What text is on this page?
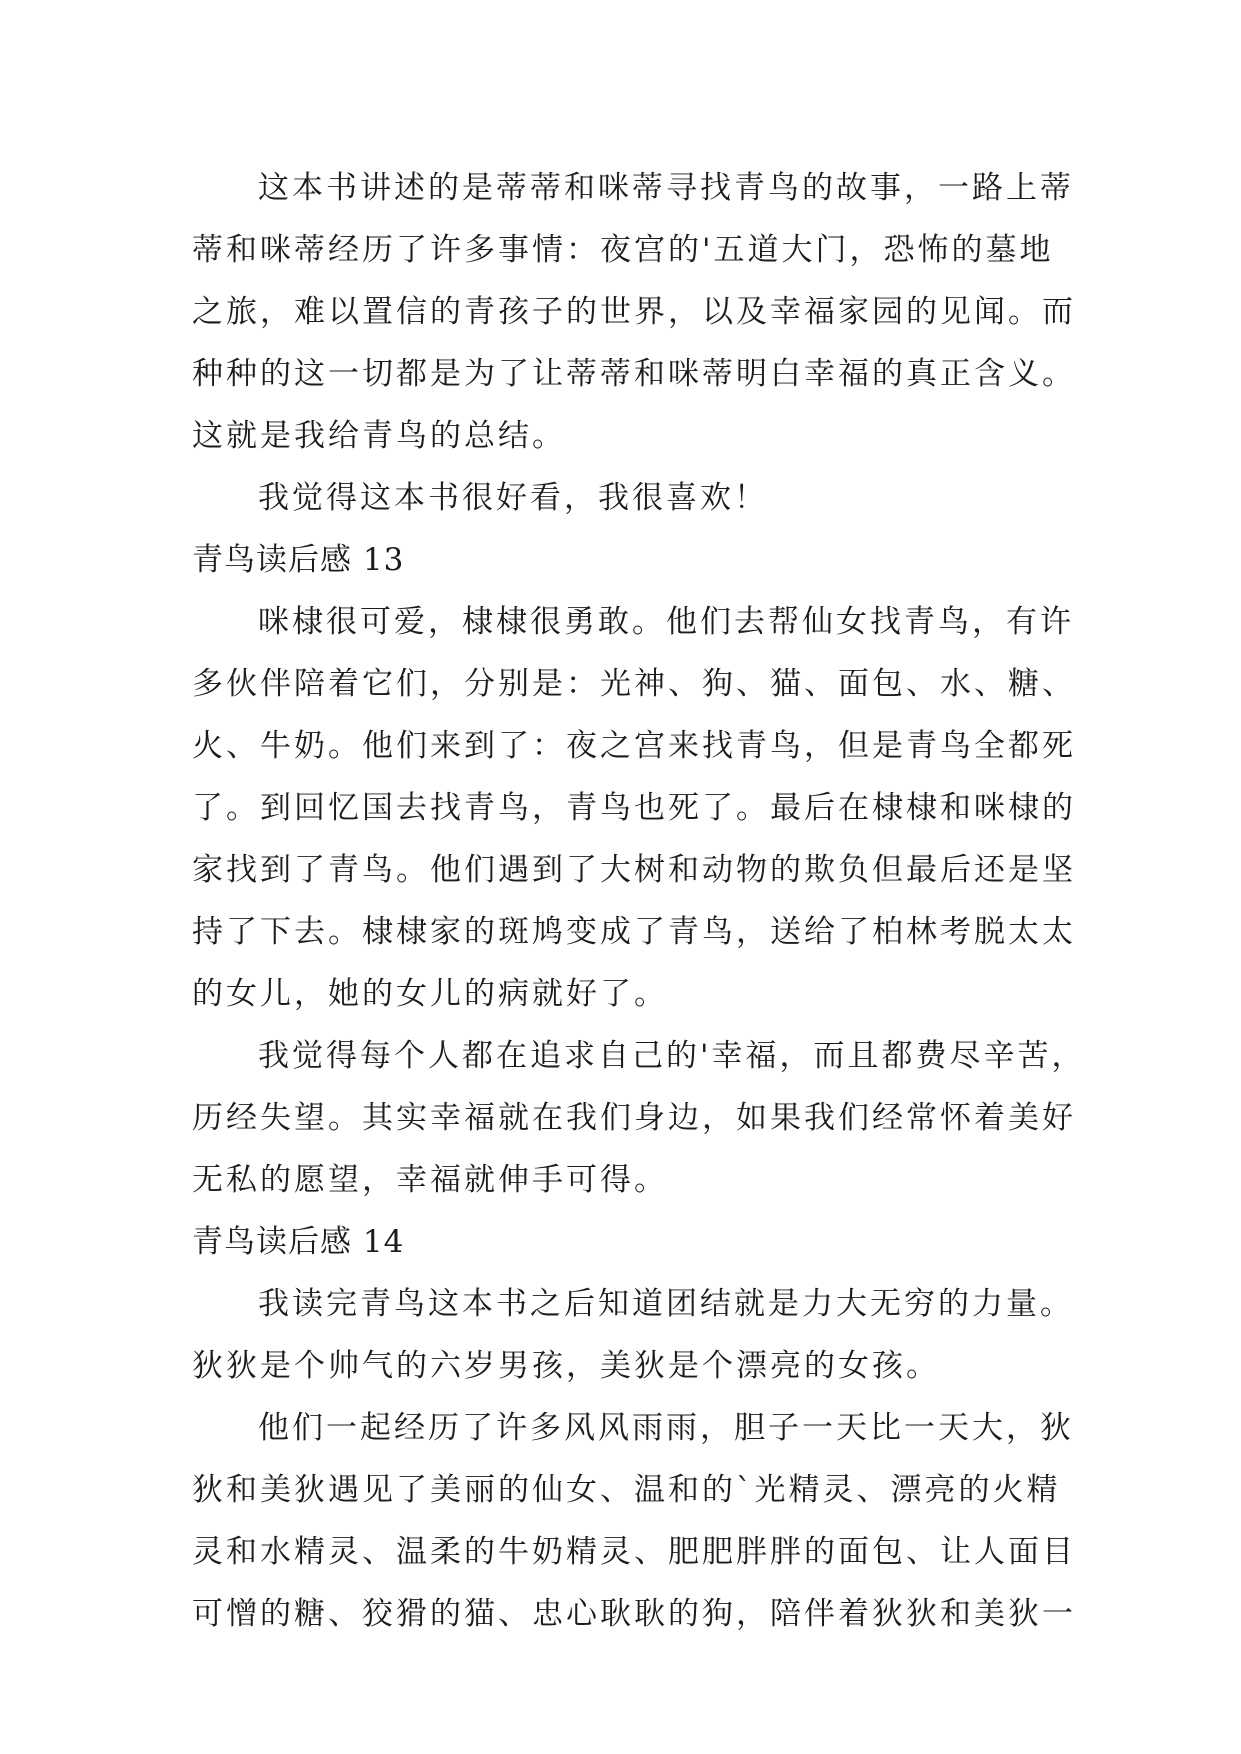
这本书讲述的是蒂蒂和咪蒂寻找青鸟的故事，一路上蒂
蒂和咪蒂经历了许多事情：夜宫的'五道大门，恐怖的墓地
之旅，难以置信的青孩子的世界，以及幸福家园的见闻。而
种种的这一切都是为了让蒂蒂和咪蒂明白幸福的真正含义。
这就是我给青鸟的总结。
我觉得这本书很好看，我很喜欢！
青鸟读后感 13
咪棣很可爱，棣棣很勇敢。他们去帮仙女找青鸟，有许
多伙伴陪着它们，分别是：光神、狗、猫、面包、水、糖、
火、牛奶。他们来到了：夜之宫来找青鸟，但是青鸟全都死
了。到回忆国去找青鸟，青鸟也死了。最后在棣棣和咪棣的
家找到了青鸟。他们遇到了大树和动物的欺负但最后还是坚
持了下去。棣棣家的斑鸠变成了青鸟，送给了柏林考脱太太
的女儿，她的女儿的病就好了。
我觉得每个人都在追求自己的'幸福，而且都费尽辛苦，
历经失望。其实幸福就在我们身边，如果我们经常怀着美好
无私的愿望，幸福就伸手可得。
青鸟读后感 14
我读完青鸟这本书之后知道团结就是力大无穷的力量。
狄狄是个帅气的六岁男孩，美狄是个漂亮的女孩。
他们一起经历了许多风风雨雨，胆子一天比一天大，狄
狄和美狄遇见了美丽的仙女、温和的`光精灵、漂亮的火精
灵和水精灵、温柔的牛奶精灵、肥肥胖胖的面包、让人面目
可憎的糖、狡猾的猫、忠心耿耿的狗，陪伴着狄狄和美狄一
